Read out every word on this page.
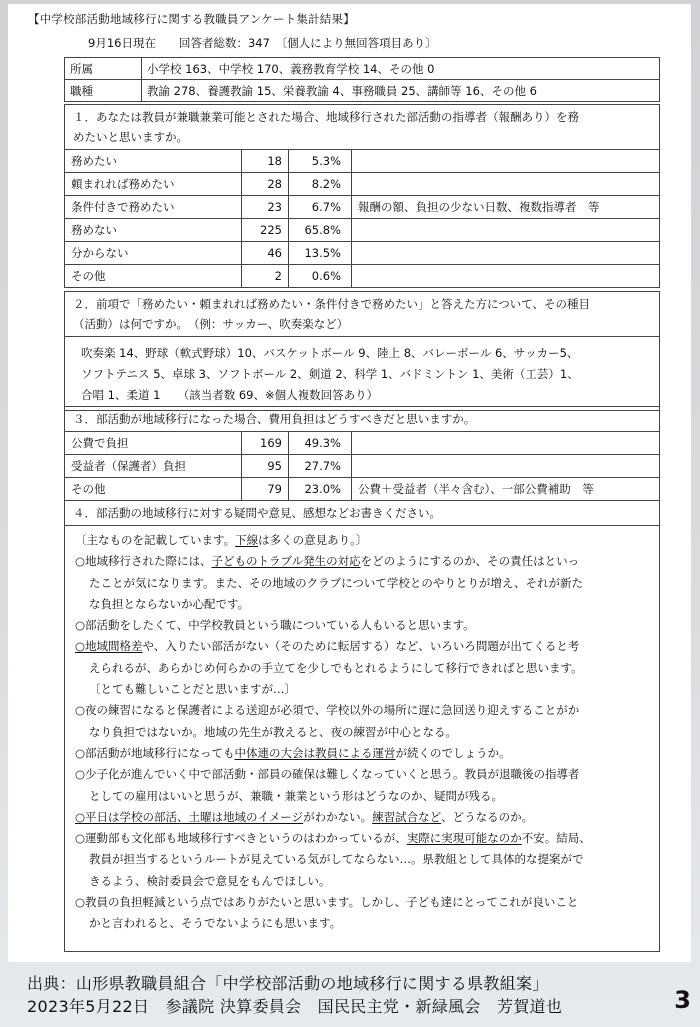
【中学校部活動地域移行に関する教職員アンケート集計結果】
9月16日現在　　回答者総数：347　〔個人により無回答項目あり〕
所属	小学校 163、中学校 170、義務教育学校 14、その他 0
職種	教諭 278、養護教諭 15、栄養教諭 4、事務職員 25、講師等 16、その他 6
１．あなたは教員が兼職兼業可能とされた場合、地域移行された部活動の指導者（報酬あり）を務
めたいと思いますか。
務めたい	18	5.3%	
頼まれれば務めたい	28	8.2%	
条件付きで務めたい	23	6.7%	報酬の額、負担の少ない日数、複数指導者　等
務めない	225	65.8%	
分からない	46	13.5%	
その他	2	0.6%	
２．前項で「務めたい・頼まれれば務めたい・条件付きで務めたい」と答えた方について、その種目
（活動）は何ですか。　（例：サッカー、吹奏楽など）
吹奏楽 14、野球（軟式野球）10、バスケットボール 9、陸上 8、バレーボール 6、サッカー5、
ソフトテニス 5、卓球 3、ソフトボール 2、剣道 2、科学 1、バドミントン 1、美術（工芸）1、
合唱 1、柔道 1　　（該当者数 69、※個人複数回答あり）
３．部活動が地域移行になった場合、費用負担はどうすべきだと思いますか。
公費で負担	169	49.3%	
受益者（保護者）負担	95	27.7%	
その他	79	23.0%	公費＋受益者（半々含む）、一部公費補助　等
４．部活動の地域移行に対する疑問や意見、感想などお書きください。
〔主なものを記載しています。下線は多くの意見あり。〕
○地域移行された際には、子どものトラブル発生の対応をどのようにするのか、その責任はといっ
たことが気になります。また、その地域のクラブについて学校とのやりとりが増え、それが新た
な負担とならないか心配です。
○部活動をしたくて、中学校教員という職についている人もいると思います。
○地域間格差や、入りたい部活がない（そのために転居する）など、いろいろ問題が出てくると考
えられるが、あらかじめ何らかの手立てを少しでもとれるようにして移行できればと思います。
〔とても難しいことだと思いますが…〕
○夜の練習になると保護者による送迎が必須で、学校以外の場所に遅に急回送り迎えすることがか
なり負担ではないか。地域の先生が教えると、夜の練習が中心となる。
○部活動が地域移行になっても中体連の大会は教員による運営が続くのでしょうか。
○少子化が進んでいく中で部活動・部員の確保は難しくなっていくと思う。教員が退職後の指導者
としての雇用はいいと思うが、兼職・兼業という形はどうなのか、疑問が残る。
○平日は学校の部活、土曜は地域のイメージがわかない。練習試合など、どうなるのか。
○運動部も文化部も地域移行すべきというのはわかっているが、実際に実現可能なのか不安。結局、
教員が担当するというルートが見えている気がしてならない…。県教組として具体的な提案がで
きるよう、検討委員会で意見をもんでほしい。
○教員の負担軽減という点ではありがたいと思います。しかし、子ども達にとってこれが良いこと
かと言われると、そうでないようにも思います。
出典：山形県教職員組合「中学校部活動の地域移行に関する県教組案」
2023年5月22日　参議院 決算委員会　国民民主党・新緑風会　芳賀道也	3
